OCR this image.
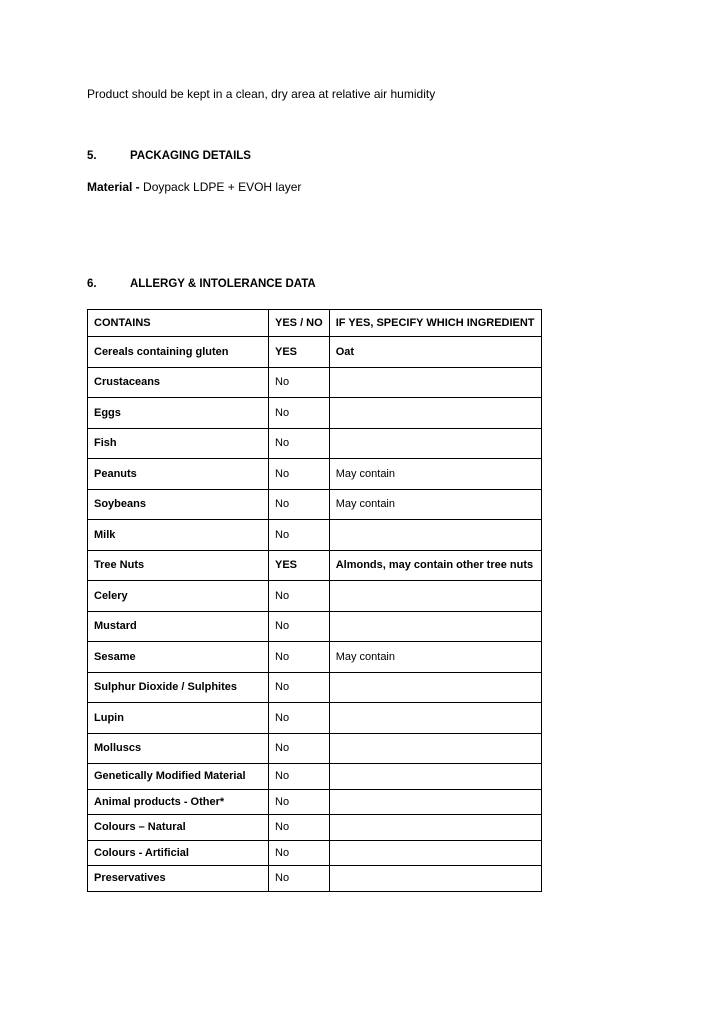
Product should be kept in a clean, dry area at relative air humidity
5.	PACKAGING DETAILS
Material - Doypack LDPE + EVOH layer
6.	ALLERGY & INTOLERANCE DATA
CONTAINS	YES / NO	IF YES, SPECIFY WHICH INGREDIENT
Cereals containing gluten	YES	Oat
Crustaceans	No	
Eggs	No	
Fish	No	
Peanuts	No	May contain
Soybeans	No	May contain
Milk	No	
Tree Nuts	YES	Almonds, may contain other tree nuts
Celery	No	
Mustard	No	
Sesame	No	May contain
Sulphur Dioxide / Sulphites	No	
Lupin	No	
Molluscs	No	
Genetically Modified Material	No	
Animal products - Other*	No	
Colours – Natural	No	
Colours - Artificial	No	
Preservatives	No	
